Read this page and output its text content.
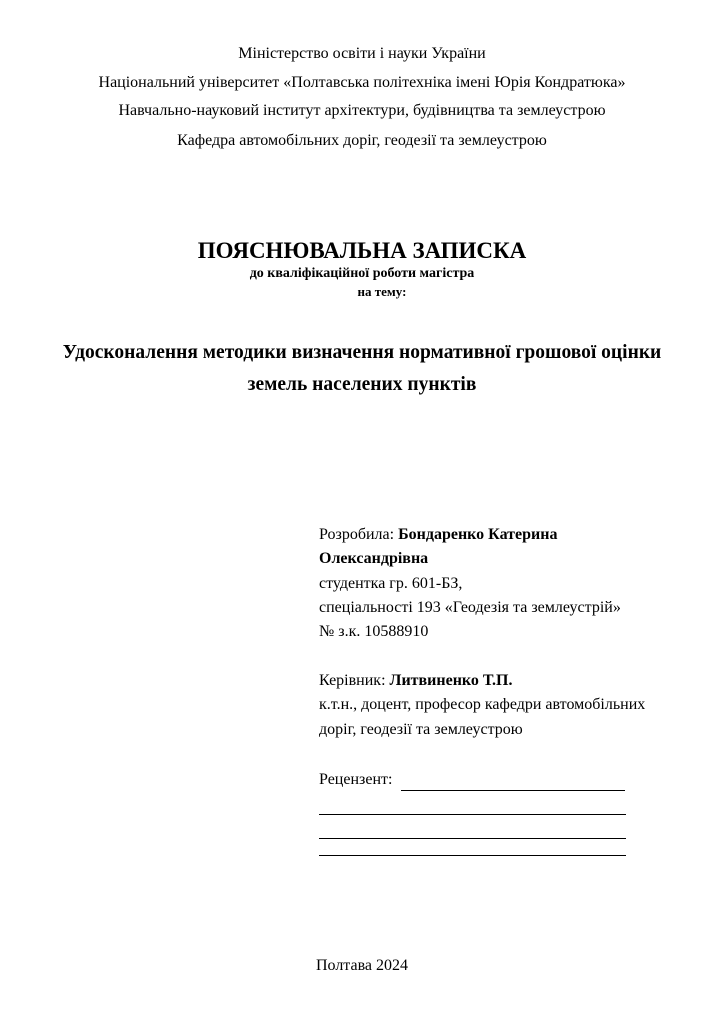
Міністерство освіти і науки України
Національний університет «Полтавська політехніка імені Юрія Кондратюка»
Навчально-науковий інститут архітектури, будівництва та землеустрою
Кафедра автомобільних доріг, геодезії та землеустрою
ПОЯСНЮВАЛЬНА ЗАПИСКА
до кваліфікаційної роботи магістра
на тему:
Удосконалення методики визначення нормативної грошової оцінки
земель населених пунктів
Розробила: Бондаренко Катерина
Олександрівна
студентка гр. 601-БЗ,
спеціальності 193 «Геодезія та землеустрій»
№ з.к. 10588910
Керівник: Литвиненко Т.П.
к.т.н., доцент, професор кафедри автомобільних
доріг, геодезії та землеустрою
Рецензент:
Полтава 2024
